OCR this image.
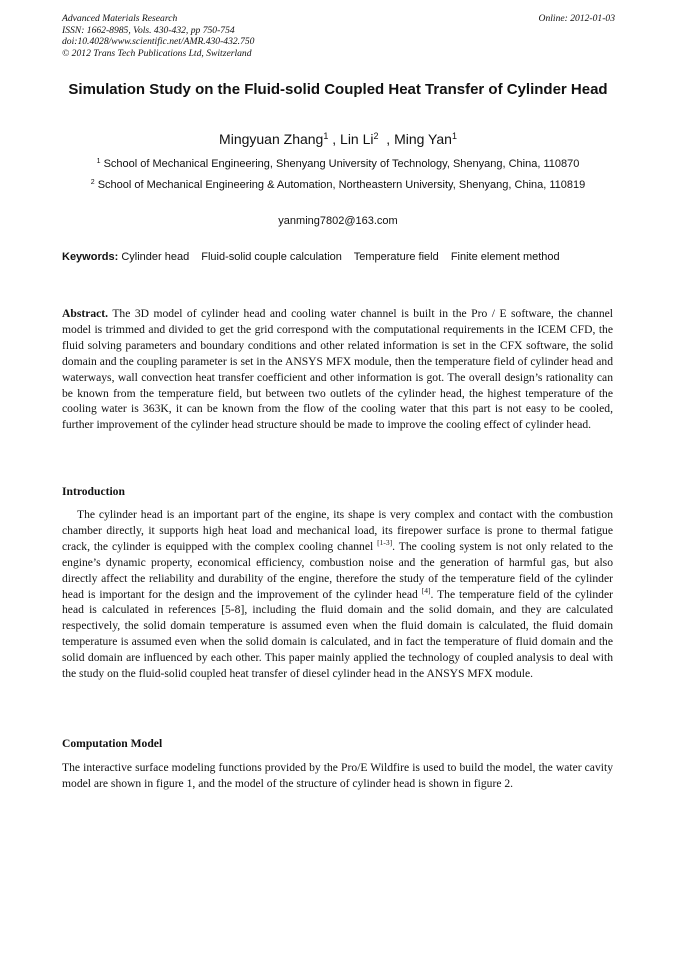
Advanced Materials Research
ISSN: 1662-8985, Vols. 430-432, pp 750-754
doi:10.4028/www.scientific.net/AMR.430-432.750
© 2012 Trans Tech Publications Ltd, Switzerland
Online: 2012-01-03
Simulation Study on the Fluid-solid Coupled Heat Transfer of Cylinder Head
Mingyuan Zhang$^1$ , Lin Li$^2$  , Ming Yan$^1$
$^1$ School of Mechanical Engineering, Shenyang University of Technology, Shenyang, China, 110870
$^2$ School of Mechanical Engineering & Automation, Northeastern University, Shenyang, China, 110819
yanming7802@163.com
Keywords: Cylinder head Fluid-solid couple calculation Temperature field Finite element method
Abstract. The 3D model of cylinder head and cooling water channel is built in the Pro / E software, the channel model is trimmed and divided to get the grid correspond with the computational requirements in the ICEM CFD, the fluid solving parameters and boundary conditions and other related information is set in the CFX software, the solid domain and the coupling parameter is set in the ANSYS MFX module, then the temperature field of cylinder head and waterways, wall convection heat transfer coefficient and other information is got. The overall design’s rationality can be known from the temperature field, but between two outlets of the cylinder head, the highest temperature of the cooling water is 363K, it can be known from the flow of the cooling water that this part is not easy to be cooled, further improvement of the cylinder head structure should be made to improve the cooling effect of cylinder head.
Introduction
The cylinder head is an important part of the engine, its shape is very complex and contact with the combustion chamber directly, it supports high heat load and mechanical load, its firepower surface is prone to thermal fatigue crack, the cylinder is equipped with the complex cooling channel [1-3]. The cooling system is not only related to the engine’s dynamic property, economical efficiency, combustion noise and the generation of harmful gas, but also directly affect the reliability and durability of the engine, therefore the study of the temperature field of the cylinder head is important for the design and the improvement of the cylinder head [4]. The temperature field of the cylinder head is calculated in references [5-8], including the fluid domain and the solid domain, and they are calculated respectively, the solid domain temperature is assumed even when the fluid domain is calculated, the fluid domain temperature is assumed even when the solid domain is calculated, and in fact the temperature of fluid domain and the solid domain are influenced by each other. This paper mainly applied the technology of coupled analysis to deal with the study on the fluid-solid coupled heat transfer of diesel cylinder head in the ANSYS MFX module.
Computation Model
The interactive surface modeling functions provided by the Pro/E Wildfire is used to build the model, the water cavity model are shown in figure 1, and the model of the structure of cylinder head is shown in figure 2.
